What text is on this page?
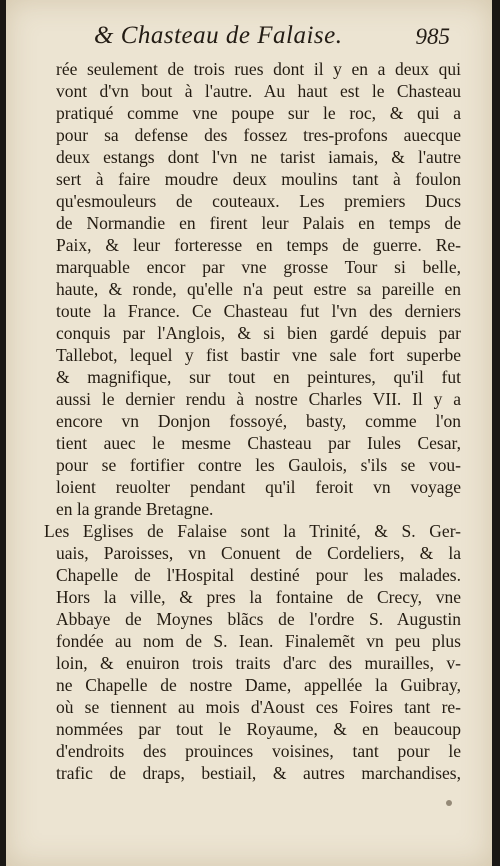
& Chasteau de Falaise.	985
rée seulement de trois rues dont il y en a deux qui
vont d'vn bout à l'autre. Au haut est le Chasteau
pratiqué comme vne poupe sur le roc, & qui a
pour sa defense des fossez tres-profons auecque
deux estangs dont l'vn ne tarist iamais, & l'autre
sert à faire moudre deux moulins tant à foulon
qu'esmouleurs de couteaux. Les premiers Ducs
de Normandie en firent leur Palais en temps de
Paix, & leur forteresse en temps de guerre. Re-
marquable encor par vne grosse Tour si belle,
haute, & ronde, qu'elle n'a peut estre sa pareille en
toute la France. Ce Chasteau fut l'vn des derniers
conquis par l'Anglois, & si bien gardé depuis par
Tallebot, lequel y fist bastir vne sale fort superbe
& magnifique, sur tout en peintures, qu'il fut
aussi le dernier rendu à nostre Charles VII. Il y a
encore vn Donjon fossoyé, basty, comme l'on
tient auec le mesme Chasteau par Iules Cesar,
pour se fortifier contre les Gaulois, s'ils se vou-
loient reuolter pendant qu'il feroit vn voyage
en la grande Bretagne.
Les Eglises de Falaise sont la Trinité, & S. Ger-
uais, Paroisses, vn Conuent de Cordeliers, & la
Chapelle de l'Hospital destiné pour les malades.
Hors la ville, & pres la fontaine de Crecy, vne
Abbaye de Moynes blãcs de l'ordre S. Augustin
fondée au nom de S. Iean. Finalemẽt vn peu plus
loin, & enuiron trois traits d'arc des murailles, v-
ne Chapelle de nostre Dame, appellée la Guibray,
où se tiennent au mois d'Aoust ces Foires tant re-
nommées par tout le Royaume, & en beaucoup
d'endroits des prouinces voisines, tant pour le
trafic de draps, bestiail, & autres marchandises,
